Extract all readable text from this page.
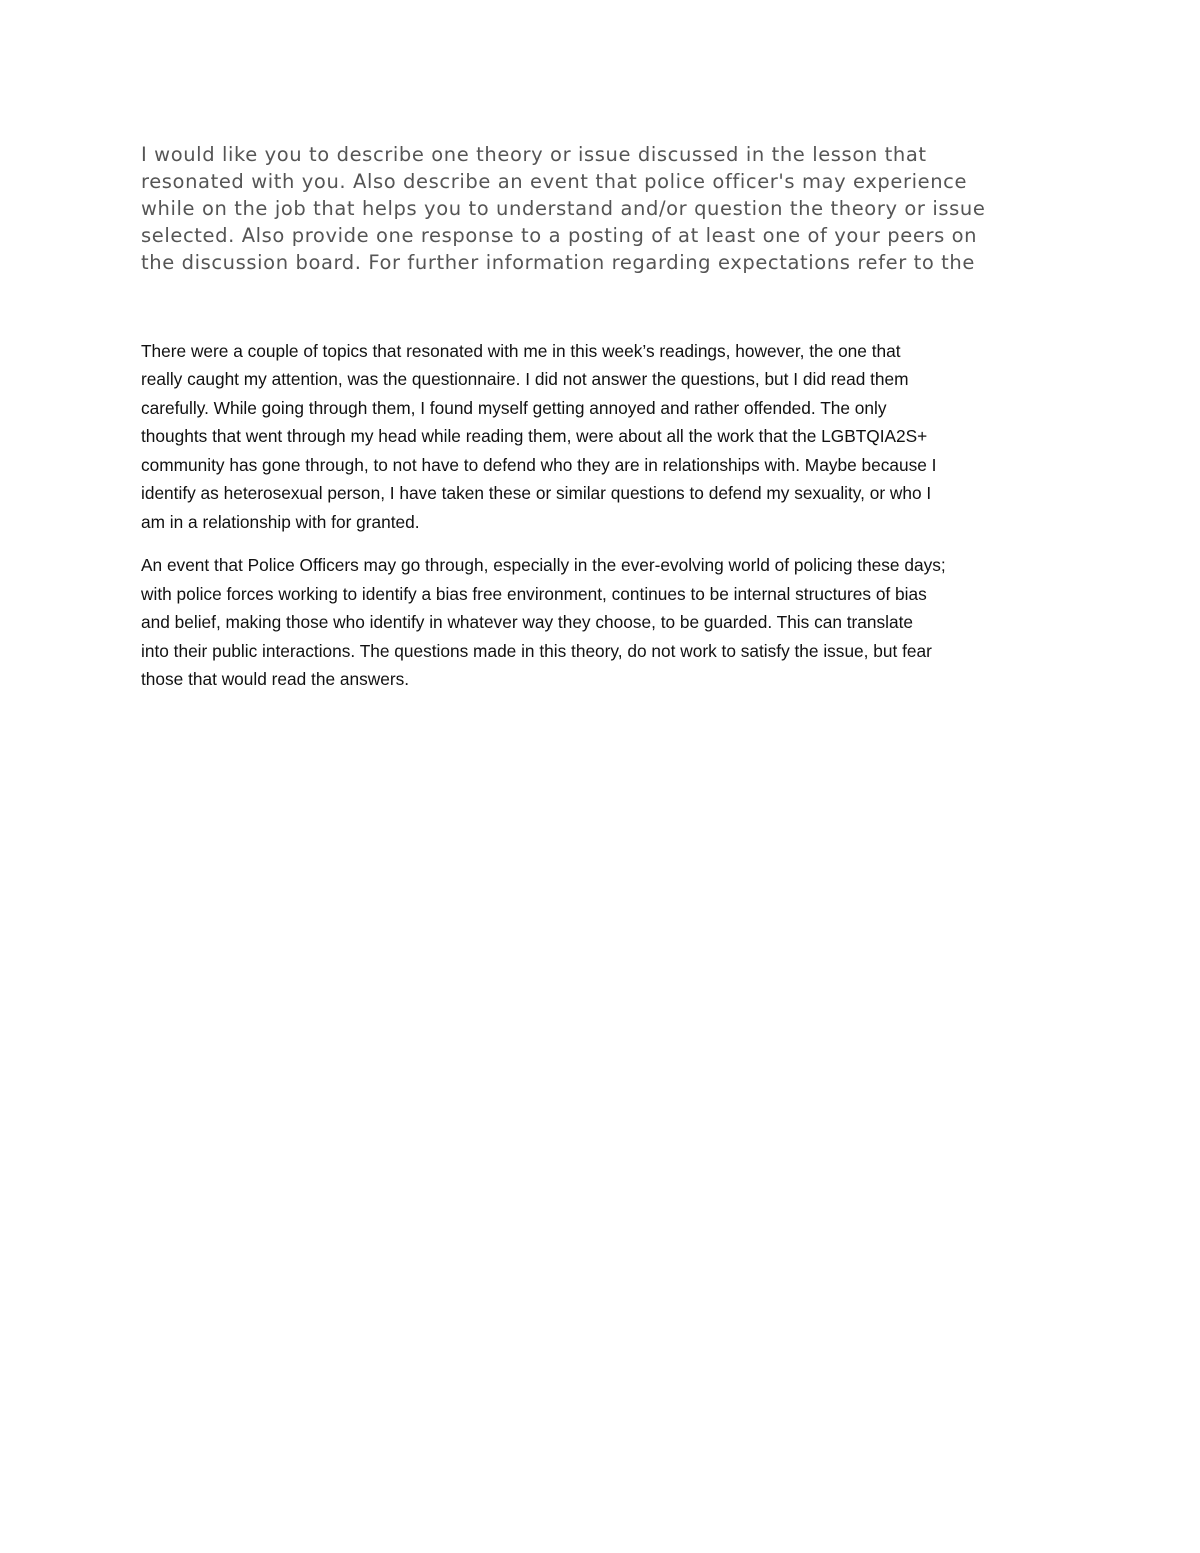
I would like you to describe one theory or issue discussed in the lesson that
resonated with you. Also describe an event that police officer's may experience
while on the job that helps you to understand and/or question the theory or issue
selected. Also provide one response to a posting of at least one of your peers on
the discussion board. For further information regarding expectations refer to the
There were a couple of topics that resonated with me in this week’s readings, however, the one that
really caught my attention, was the questionnaire. I did not answer the questions, but I did read them
carefully. While going through them, I found myself getting annoyed and rather offended. The only
thoughts that went through my head while reading them, were about all the work that the LGBTQIA2S+
community has gone through, to not have to defend who they are in relationships with. Maybe because I
identify as heterosexual person, I have taken these or similar questions to defend my sexuality, or who I
am in a relationship with for granted.
An event that Police Officers may go through, especially in the ever-evolving world of policing these days;
with police forces working to identify a bias free environment, continues to be internal structures of bias
and belief, making those who identify in whatever way they choose, to be guarded. This can translate
into their public interactions. The questions made in this theory, do not work to satisfy the issue, but fear
those that would read the answers.
